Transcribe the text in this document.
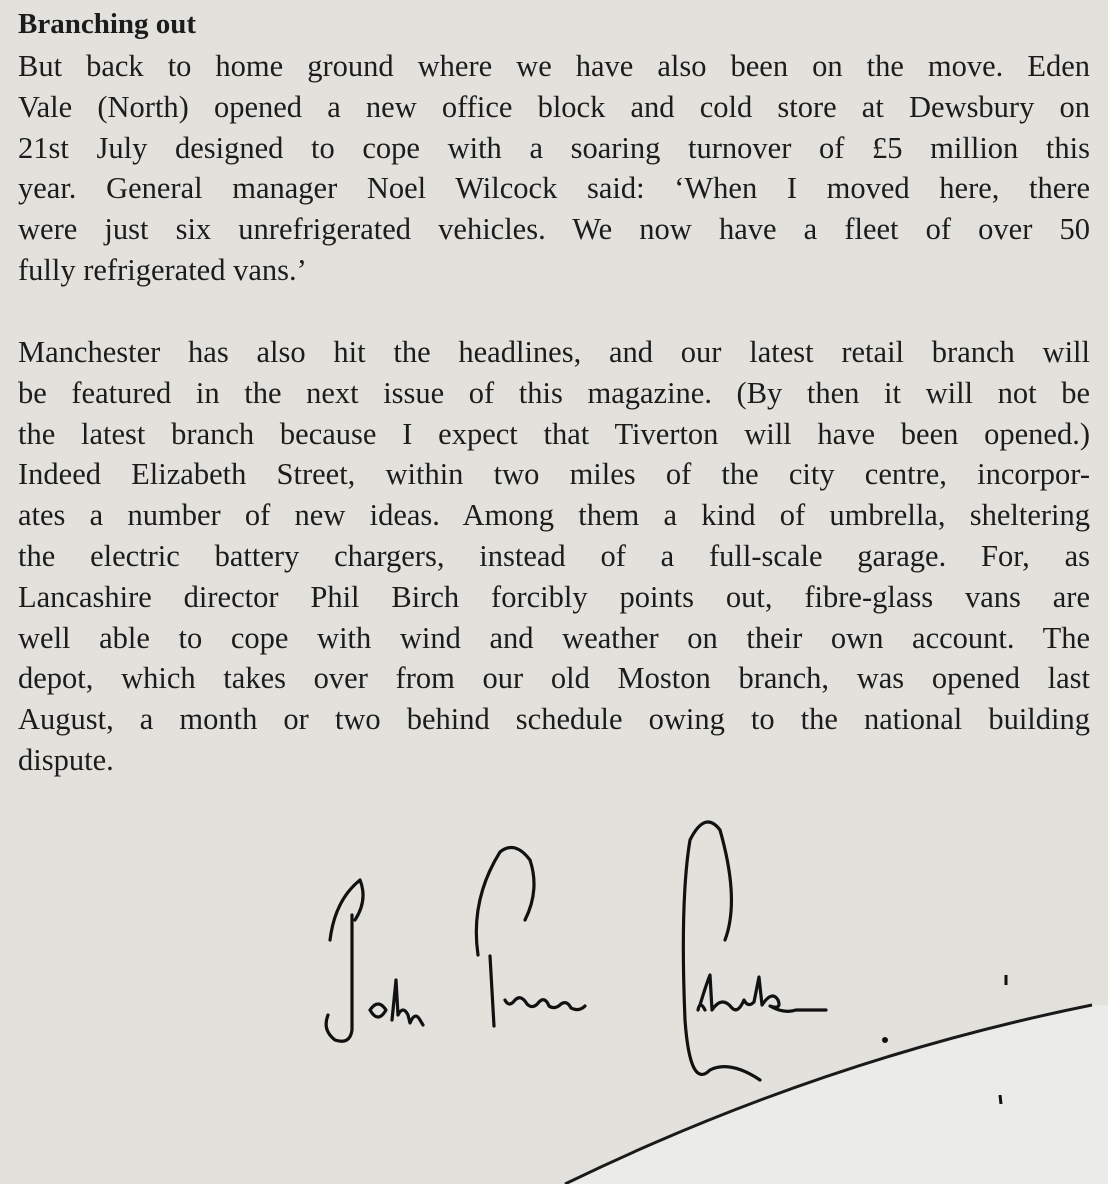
Branching out
But back to home ground where we have also been on the move. Eden
Vale (North) opened a new office block and cold store at Dewsbury on
21st July designed to cope with a soaring turnover of £5 million this
year. General manager Noel Wilcock said: ‘When I moved here, there
were just six unrefrigerated vehicles. We now have a fleet of over 50
fully refrigerated vans.’
Manchester has also hit the headlines, and our latest retail branch will
be featured in the next issue of this magazine. (By then it will not be
the latest branch because I expect that Tiverton will have been opened.)
Indeed Elizabeth Street, within two miles of the city centre, incorpor-
ates a number of new ideas. Among them a kind of umbrella, sheltering
the electric battery chargers, instead of a full-scale garage. For, as
Lancashire director Phil Birch forcibly points out, fibre-glass vans are
well able to cope with wind and weather on their own account. The
depot, which takes over from our old Moston branch, was opened last
August, a month or two behind schedule owing to the national building
dispute.
